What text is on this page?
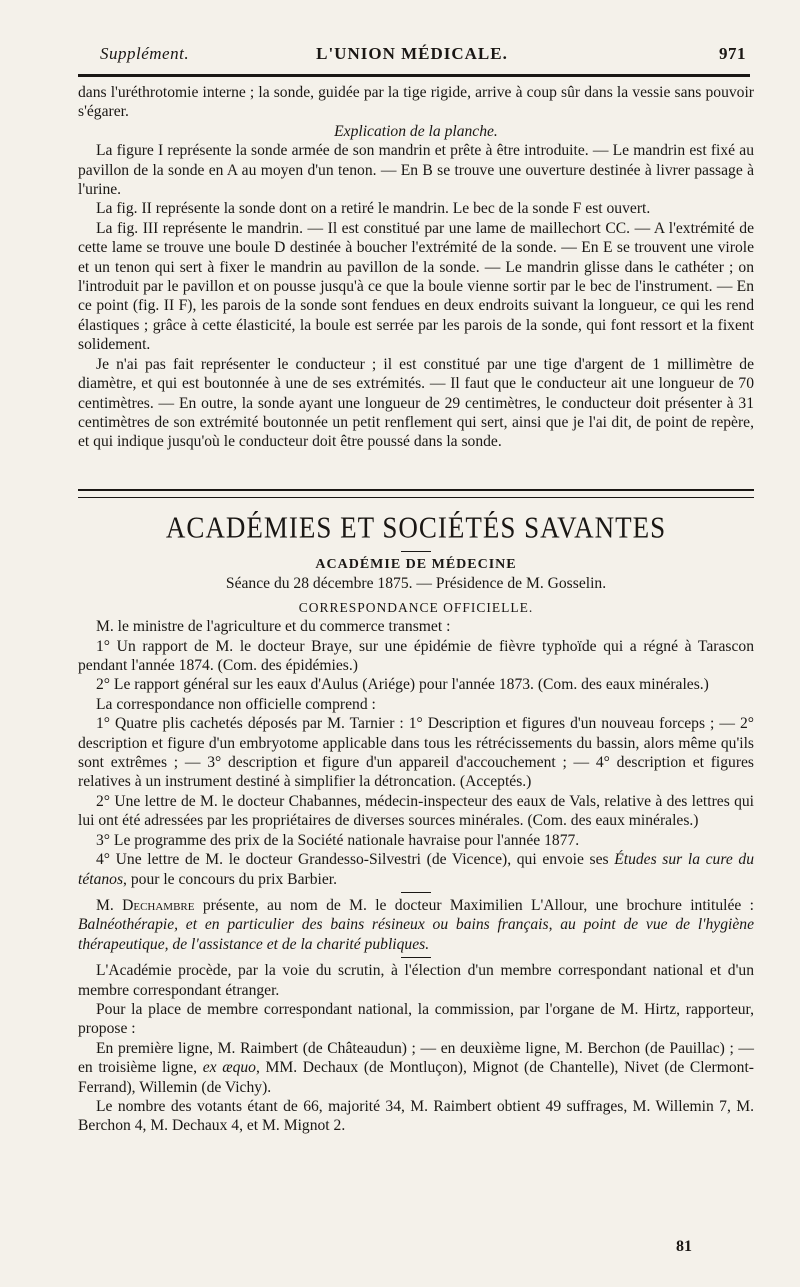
Supplément.	L'UNION MÉDICALE.	971

dans l'uréthrotomie interne ; la sonde, guidée par la tige rigide, arrive à coup sûr dans la vessie sans pouvoir s'égarer.

Explication de la planche.

La figure I représente la sonde armée de son mandrin et prête à être introduite. — Le mandrin est fixé au pavillon de la sonde en A au moyen d'un tenon. — En B se trouve une ouverture destinée à livrer passage à l'urine.

La fig. II représente la sonde dont on a retiré le mandrin. Le bec de la sonde F est ouvert.

La fig. III représente le mandrin. — Il est constitué par une lame de maillechort CC. — A l'extrémité de cette lame se trouve une boule D destinée à boucher l'extrémité de la sonde. — En E se trouvent une virole et un tenon qui sert à fixer le mandrin au pavillon de la sonde. — Le mandrin glisse dans le cathéter ; on l'introduit par le pavillon et on pousse jusqu'à ce que la boule vienne sortir par le bec de l'instrument. — En ce point (fig. II F), les parois de la sonde sont fendues en deux endroits suivant la longueur, ce qui les rend élastiques ; grâce à cette élasticité, la boule est serrée par les parois de la sonde, qui font ressort et la fixent solidement.

Je n'ai pas fait représenter le conducteur ; il est constitué par une tige d'argent de 1 millimètre de diamètre, et qui est boutonnée à une de ses extrémités. — Il faut que le conducteur ait une longueur de 70 centimètres. — En outre, la sonde ayant une longueur de 29 centimètres, le conducteur doit présenter à 31 centimètres de son extrémité boutonnée un petit renflement qui sert, ainsi que je l'ai dit, de point de repère, et qui indique jusqu'où le conducteur doit être poussé dans la sonde.

ACADÉMIES ET SOCIÉTÉS SAVANTES

ACADÉMIE DE MÉDECINE

Séance du 28 décembre 1875. — Présidence de M. Gosselin.

CORRESPONDANCE OFFICIELLE.

M. le ministre de l'agriculture et du commerce transmet :

1° Un rapport de M. le docteur Braye, sur une épidémie de fièvre typhoïde qui a régné à Tarascon pendant l'année 1874. (Com. des épidémies.)

2° Le rapport général sur les eaux d'Aulus (Ariége) pour l'année 1873. (Com. des eaux minérales.)

La correspondance non officielle comprend :

1° Quatre plis cachetés déposés par M. Tarnier : 1° Description et figures d'un nouveau forceps ; — 2° description et figure d'un embryotome applicable dans tous les rétrécissements du bassin, alors même qu'ils sont extrêmes ; — 3° description et figure d'un appareil d'accouchement ; — 4° description et figures relatives à un instrument destiné à simplifier la détroncation. (Acceptés.)

2° Une lettre de M. le docteur Chabannes, médecin-inspecteur des eaux de Vals, relative à des lettres qui lui ont été adressées par les propriétaires de diverses sources minérales. (Com. des eaux minérales.)

3° Le programme des prix de la Société nationale havraise pour l'année 1877.

4° Une lettre de M. le docteur Grandesso-Silvestri (de Vicence), qui envoie ses Études sur la cure du tétanos, pour le concours du prix Barbier.

M. Dechambre présente, au nom de M. le docteur Maximilien L'Allour, une brochure intitulée : Balnéothérapie, et en particulier des bains résineux ou bains français, au point de vue de l'hygiène thérapeutique, de l'assistance et de la charité publiques.

L'Académie procède, par la voie du scrutin, à l'élection d'un membre correspondant national et d'un membre correspondant étranger.

Pour la place de membre correspondant national, la commission, par l'organe de M. Hirtz, rapporteur, propose :

En première ligne, M. Raimbert (de Châteaudun) ; — en deuxième ligne, M. Berchon (de Pauillac) ; — en troisième ligne, ex æquo, MM. Dechaux (de Montluçon), Mignot (de Chantelle), Nivet (de Clermont-Ferrand), Willemin (de Vichy).

Le nombre des votants étant de 66, majorité 34, M. Raimbert obtient 49 suffrages, M. Willemin 7, M. Berchon 4, M. Dechaux 4, et M. Mignot 2.

81
